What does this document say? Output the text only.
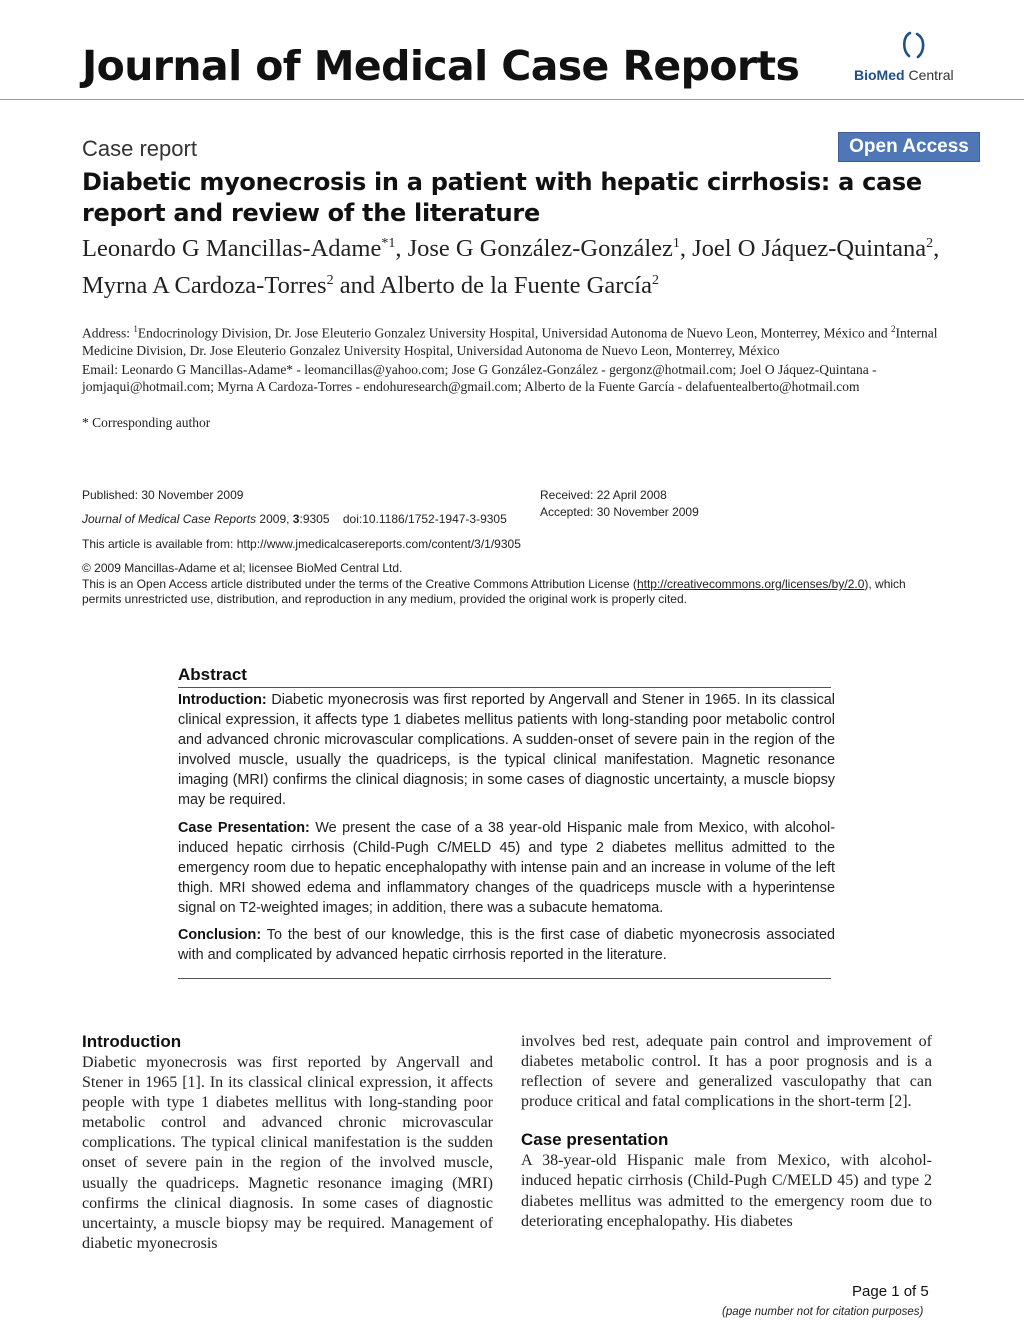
Journal of Medical Case Reports	BioMed Central
Case report	Open Access
Diabetic myonecrosis in a patient with hepatic cirrhosis: a case report and review of the literature
Leonardo G Mancillas-Adame$^{*1}$, Jose G González-González$^1$, Joel O Jáquez-Quintana$^2$, Myrna A Cardoza-Torres$^2$ and Alberto de la Fuente García$^2$
Address: $^1$Endocrinology Division, Dr. Jose Eleuterio Gonzalez University Hospital, Universidad Autonoma de Nuevo Leon, Monterrey, México and $^2$Internal Medicine Division, Dr. Jose Eleuterio Gonzalez University Hospital, Universidad Autonoma de Nuevo Leon, Monterrey, México
Email: Leonardo G Mancillas-Adame* - leomancillas@yahoo.com; Jose G González-González - gergonz@hotmail.com; Joel O Jáquez-Quintana - jomjaqui@hotmail.com; Myrna A Cardoza-Torres - endohuresearch@gmail.com; Alberto de la Fuente García - delafuentealberto@hotmail.com
* Corresponding author
Published: 30 November 2009	Received: 22 April 2008
Accepted: 30 November 2009
Journal of Medical Case Reports 2009, 3:9305 doi:10.1186/1752-1947-3-9305
This article is available from: http://www.jmedicalcasereports.com/content/3/1/9305
© 2009 Mancillas-Adame et al; licensee BioMed Central Ltd.
This is an Open Access article distributed under the terms of the Creative Commons Attribution License (http://creativecommons.org/licenses/by/2.0), which permits unrestricted use, distribution, and reproduction in any medium, provided the original work is properly cited.
Abstract

Introduction: Diabetic myonecrosis was first reported by Angervall and Stener in 1965. In its classical clinical expression, it affects type 1 diabetes mellitus patients with long-standing poor metabolic control and advanced chronic microvascular complications. A sudden-onset of severe pain in the region of the involved muscle, usually the quadriceps, is the typical clinical manifestation. Magnetic resonance imaging (MRI) confirms the clinical diagnosis; in some cases of diagnostic uncertainty, a muscle biopsy may be required.

Case Presentation: We present the case of a 38 year-old Hispanic male from Mexico, with alcohol-induced hepatic cirrhosis (Child-Pugh C/MELD 45) and type 2 diabetes mellitus admitted to the emergency room due to hepatic encephalopathy with intense pain and an increase in volume of the left thigh. MRI showed edema and inflammatory changes of the quadriceps muscle with a hyperintense signal on T2-weighted images; in addition, there was a subacute hematoma.

Conclusion: To the best of our knowledge, this is the first case of diabetic myonecrosis associated with and complicated by advanced hepatic cirrhosis reported in the literature.

Introduction

Diabetic myonecrosis was first reported by Angervall and Stener in 1965 [1]. In its classical clinical expression, it affects people with type 1 diabetes mellitus with long-standing poor metabolic control and advanced chronic microvascular complications. The typical clinical manifestation is the sudden onset of severe pain in the region of the involved muscle, usually the quadriceps. Magnetic resonance imaging (MRI) confirms the clinical diagnosis. In some cases of diagnostic uncertainty, a muscle biopsy may be required. Management of diabetic myonecrosis

involves bed rest, adequate pain control and improvement of diabetes metabolic control. It has a poor prognosis and is a reflection of severe and generalized vasculopathy that can produce critical and fatal complications in the short-term [2].

Case presentation

A 38-year-old Hispanic male from Mexico, with alcohol-induced hepatic cirrhosis (Child-Pugh C/MELD 45) and type 2 diabetes mellitus was admitted to the emergency room due to deteriorating encephalopathy. His diabetes

Page 1 of 5
(page number not for citation purposes)
